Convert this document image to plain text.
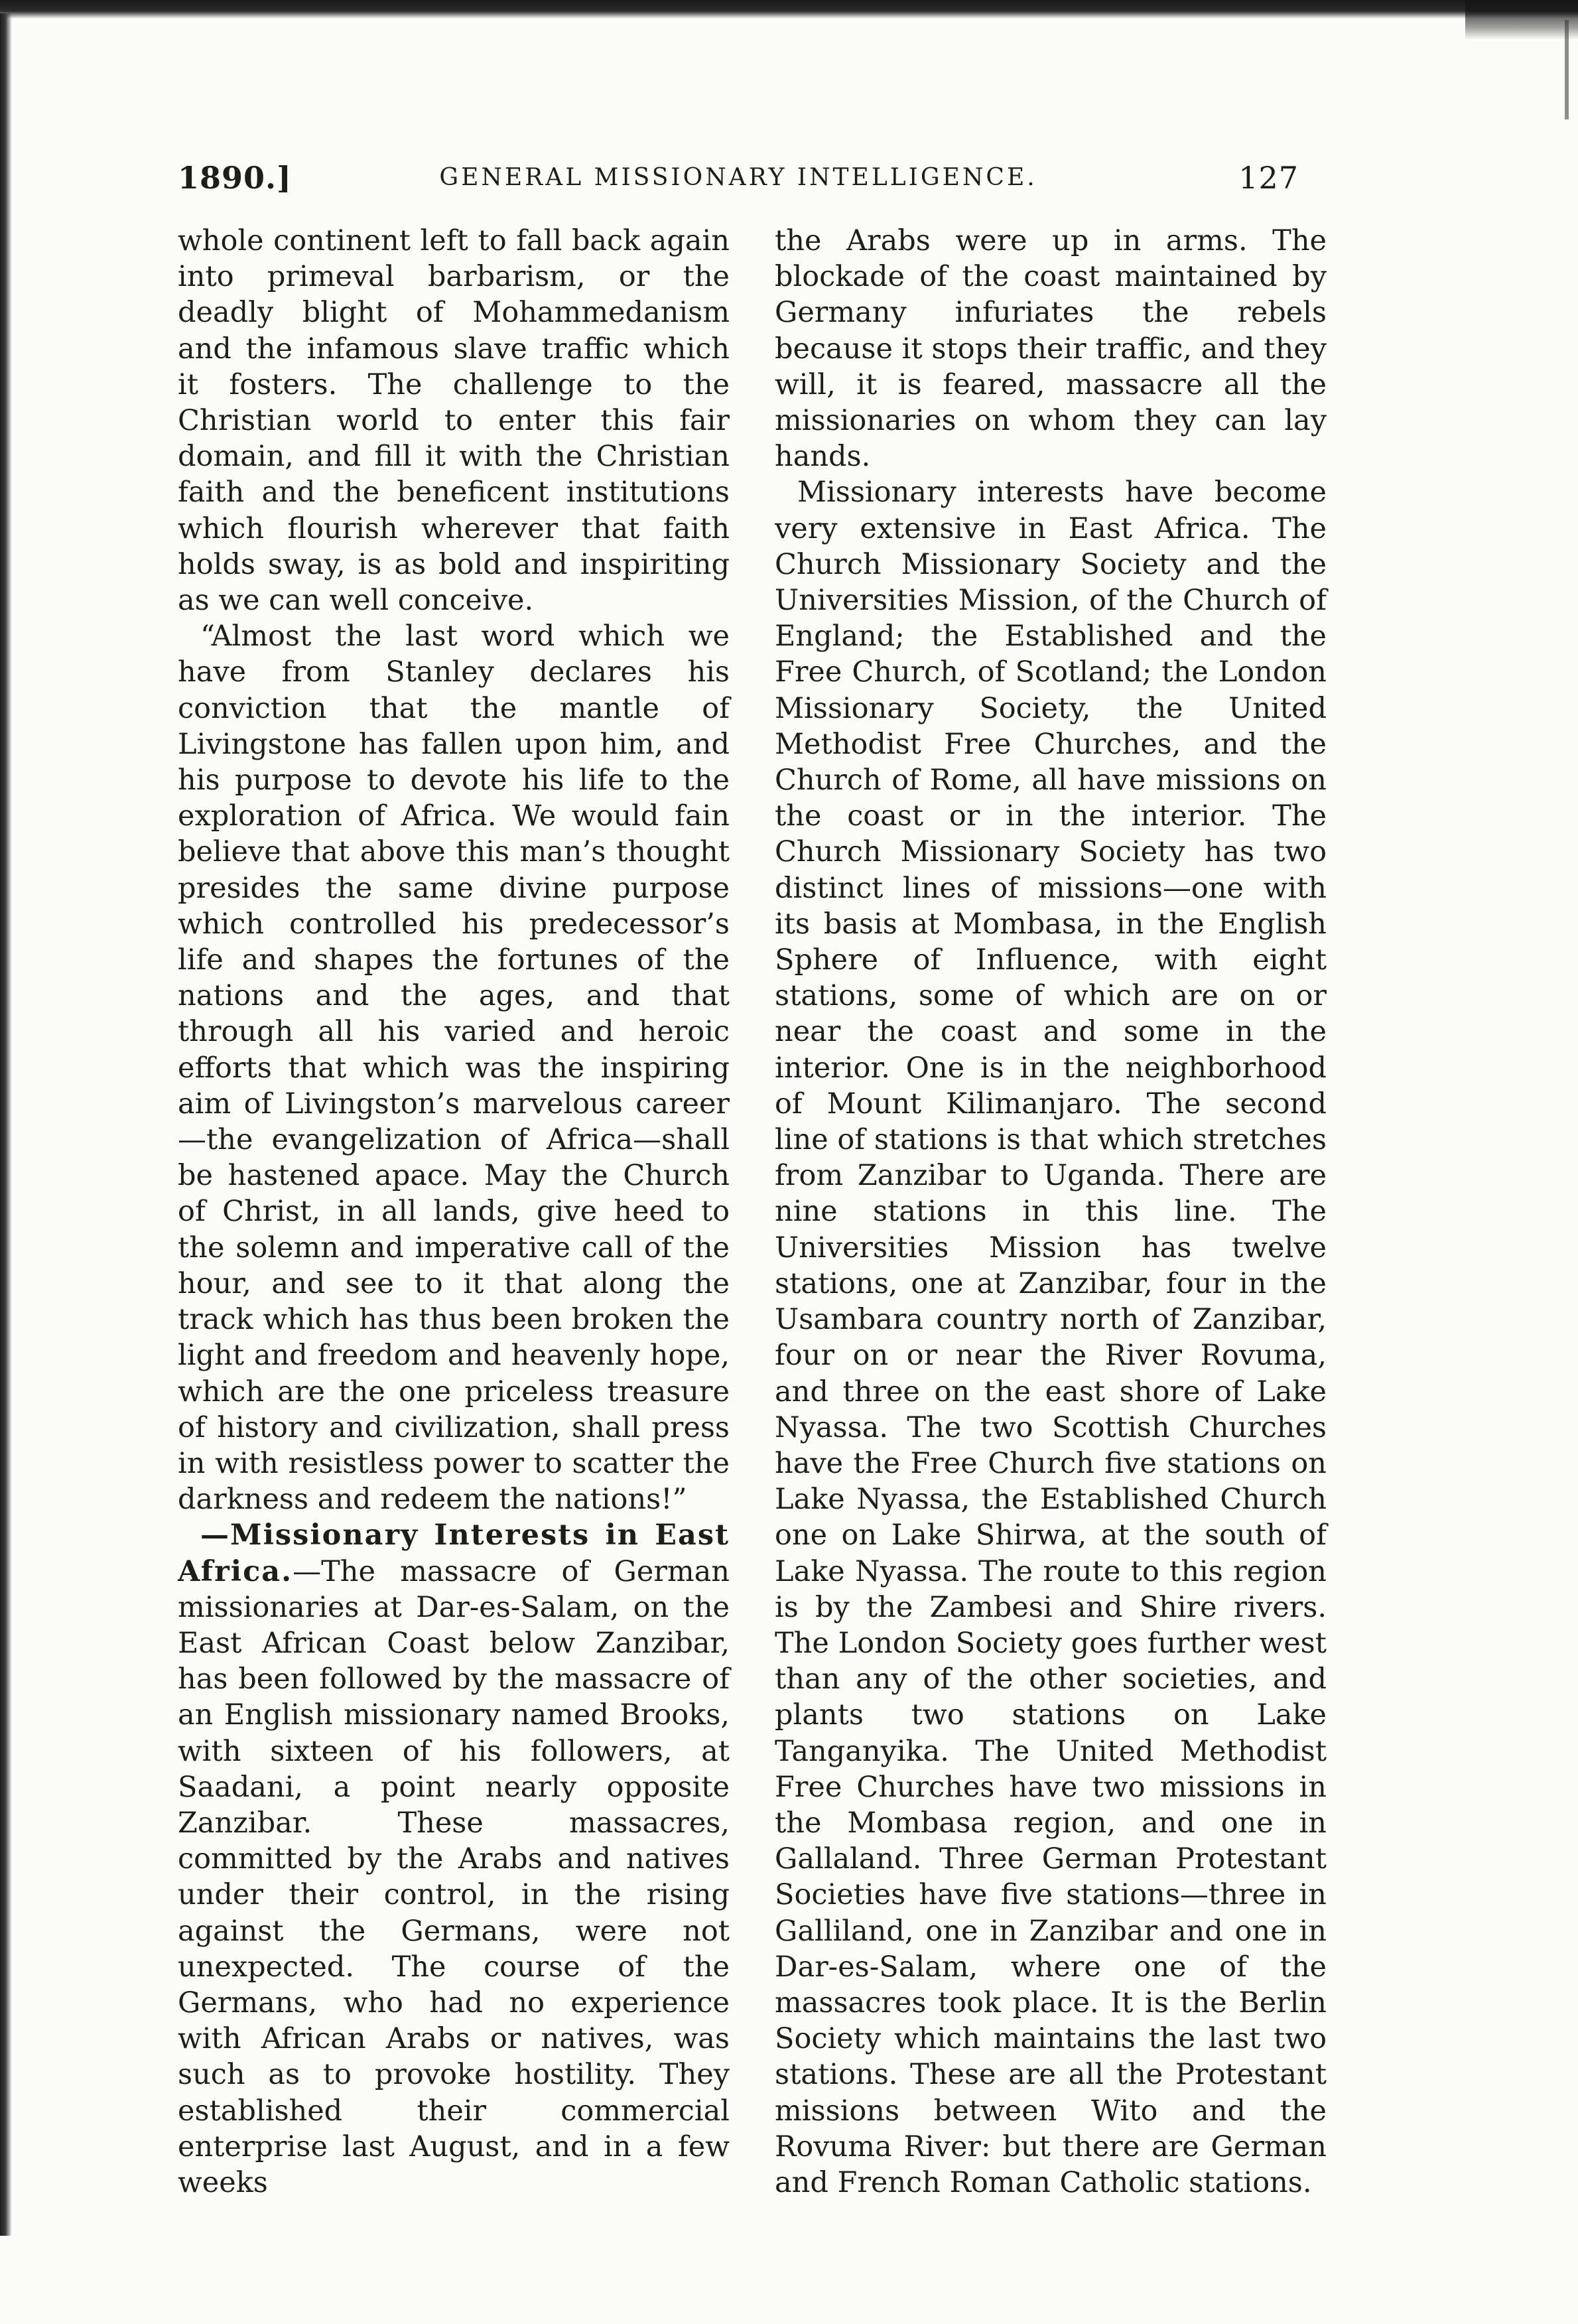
1890.]	GENERAL MISSIONARY INTELLIGENCE.	127

whole continent left to fall back again into primeval barbarism, or the deadly blight of Mohammedanism and the infamous slave traffic which it fosters. The challenge to the Christian world to enter this fair domain, and fill it with the Christian faith and the beneficent institutions which flourish wherever that faith holds sway, is as bold and inspiriting as we can well conceive.

“Almost the last word which we have from Stanley declares his conviction that the mantle of Livingstone has fallen upon him, and his purpose to devote his life to the exploration of Africa. We would fain believe that above this man’s thought presides the same divine purpose which controlled his predecessor’s life and shapes the fortunes of the nations and the ages, and that through all his varied and heroic efforts that which was the inspiring aim of Livingston’s marvelous career—the evangelization of Africa—shall be hastened apace. May the Church of Christ, in all lands, give heed to the solemn and imperative call of the hour, and see to it that along the track which has thus been broken the light and freedom and heavenly hope, which are the one priceless treasure of history and civilization, shall press in with resistless power to scatter the darkness and redeem the nations!”

—Missionary Interests in East Africa.—The massacre of German missionaries at Dar-es-Salam, on the East African Coast below Zanzibar, has been followed by the massacre of an English missionary named Brooks, with sixteen of his followers, at Saadani, a point nearly opposite Zanzibar. These massacres, committed by the Arabs and natives under their control, in the rising against the Germans, were not unexpected. The course of the Germans, who had no experience with African Arabs or natives, was such as to provoke hostility. They established their commercial enterprise last August, and in a few weeks

the Arabs were up in arms. The blockade of the coast maintained by Germany infuriates the rebels because it stops their traffic, and they will, it is feared, massacre all the missionaries on whom they can lay hands.

Missionary interests have become very extensive in East Africa. The Church Missionary Society and the Universities Mission, of the Church of England; the Established and the Free Church, of Scotland; the London Missionary Society, the United Methodist Free Churches, and the Church of Rome, all have missions on the coast or in the interior. The Church Missionary Society has two distinct lines of missions—one with its basis at Mombasa, in the English Sphere of Influence, with eight stations, some of which are on or near the coast and some in the interior. One is in the neighborhood of Mount Kilimanjaro. The second line of stations is that which stretches from Zanzibar to Uganda. There are nine stations in this line. The Universities Mission has twelve stations, one at Zanzibar, four in the Usambara country north of Zanzibar, four on or near the River Rovuma, and three on the east shore of Lake Nyassa. The two Scottish Churches have the Free Church five stations on Lake Nyassa, the Established Church one on Lake Shirwa, at the south of Lake Nyassa. The route to this region is by the Zambesi and Shire rivers. The London Society goes further west than any of the other societies, and plants two stations on Lake Tanganyika. The United Methodist Free Churches have two missions in the Mombasa region, and one in Gallaland. Three German Protestant Societies have five stations—three in Galliland, one in Zanzibar and one in Dar-es-Salam, where one of the massacres took place. It is the Berlin Society which maintains the last two stations. These are all the Protestant missions between Wito and the Rovuma River: but there are German and French Roman Catholic stations.
